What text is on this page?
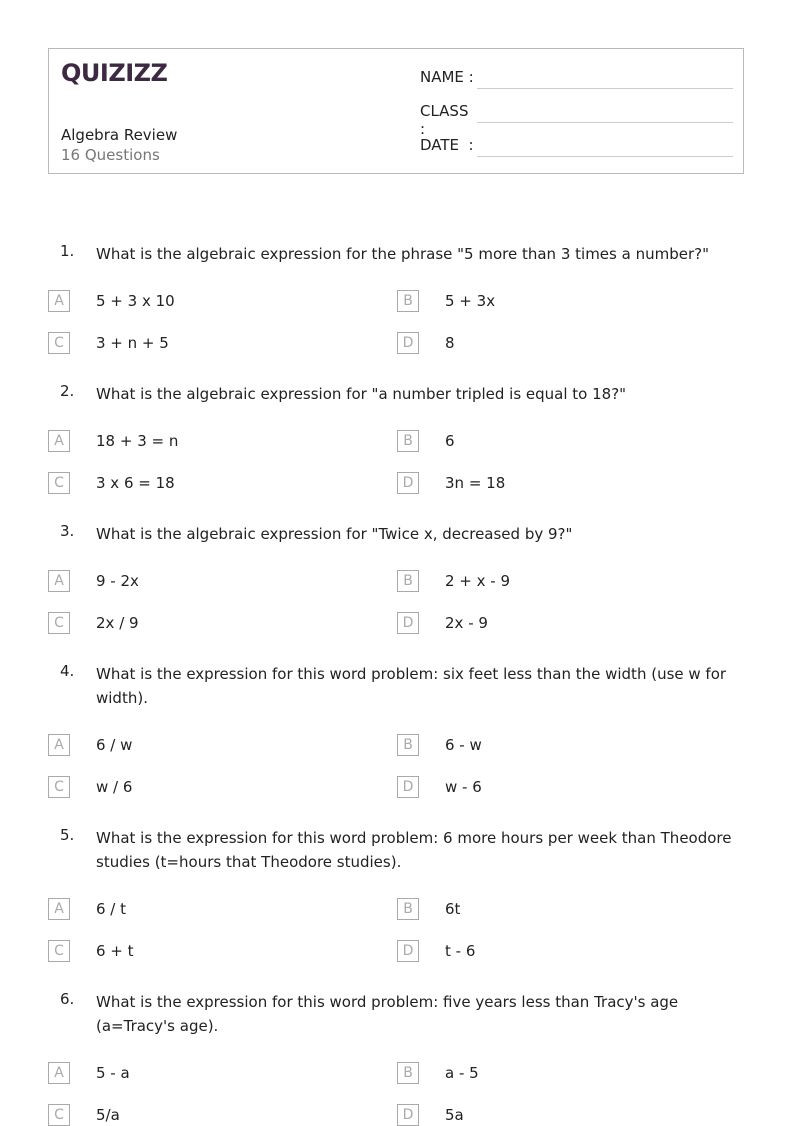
QUIZIZZ
Algebra Review
16 Questions
NAME :
CLASS :
DATE  :
1. What is the algebraic expression for the phrase "5 more than 3 times a number?"
A	5 + 3 x 10	B	5 + 3x
C	3 + n + 5	D	8
2. What is the algebraic expression for "a number tripled is equal to 18?"
A	18 + 3 = n	B	6
C	3 x 6 = 18	D	3n = 18
3. What is the algebraic expression for "Twice x, decreased by 9?"
A	9 - 2x	B	2 + x - 9
C	2x / 9	D	2x - 9
4. What is the expression for this word problem: six feet less than the width (use w for width).
A	6 / w	B	6 - w
C	w / 6	D	w - 6
5. What is the expression for this word problem: 6 more hours per week than Theodore studies (t=hours that Theodore studies).
A	6 / t	B	6t
C	6 + t	D	t - 6
6. What is the expression for this word problem: five years less than Tracy's age (a=Tracy's age).
A	5 - a	B	a - 5
C	5/a	D	5a
